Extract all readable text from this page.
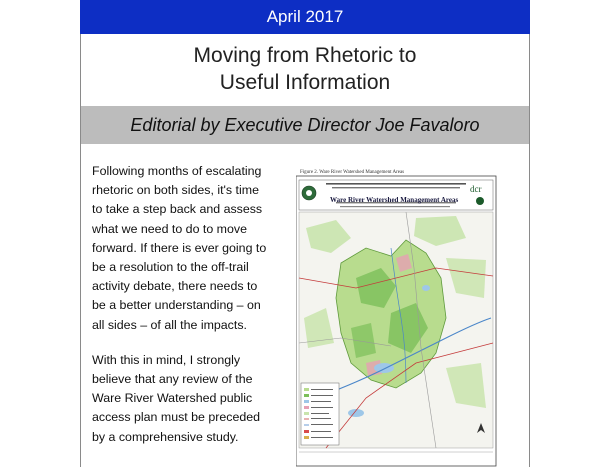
April 2017
Moving from Rhetoric to
Useful Information
Editorial by Executive Director Joe Favaloro

Following months of escalating rhetoric on both sides, it's time to take a step back and assess what we need to do to move forward. If there is ever going to be a resolution to the off-trail activity debate, there needs to be a better understanding – on all sides – of all the impacts.

With this in mind, I strongly believe that any review of the Ware River Watershed public access plan must be preceded by a comprehensive study.

Figure 2. Ware River Watershed Management Areas
Ware River Watershed Management Areas
dcr
